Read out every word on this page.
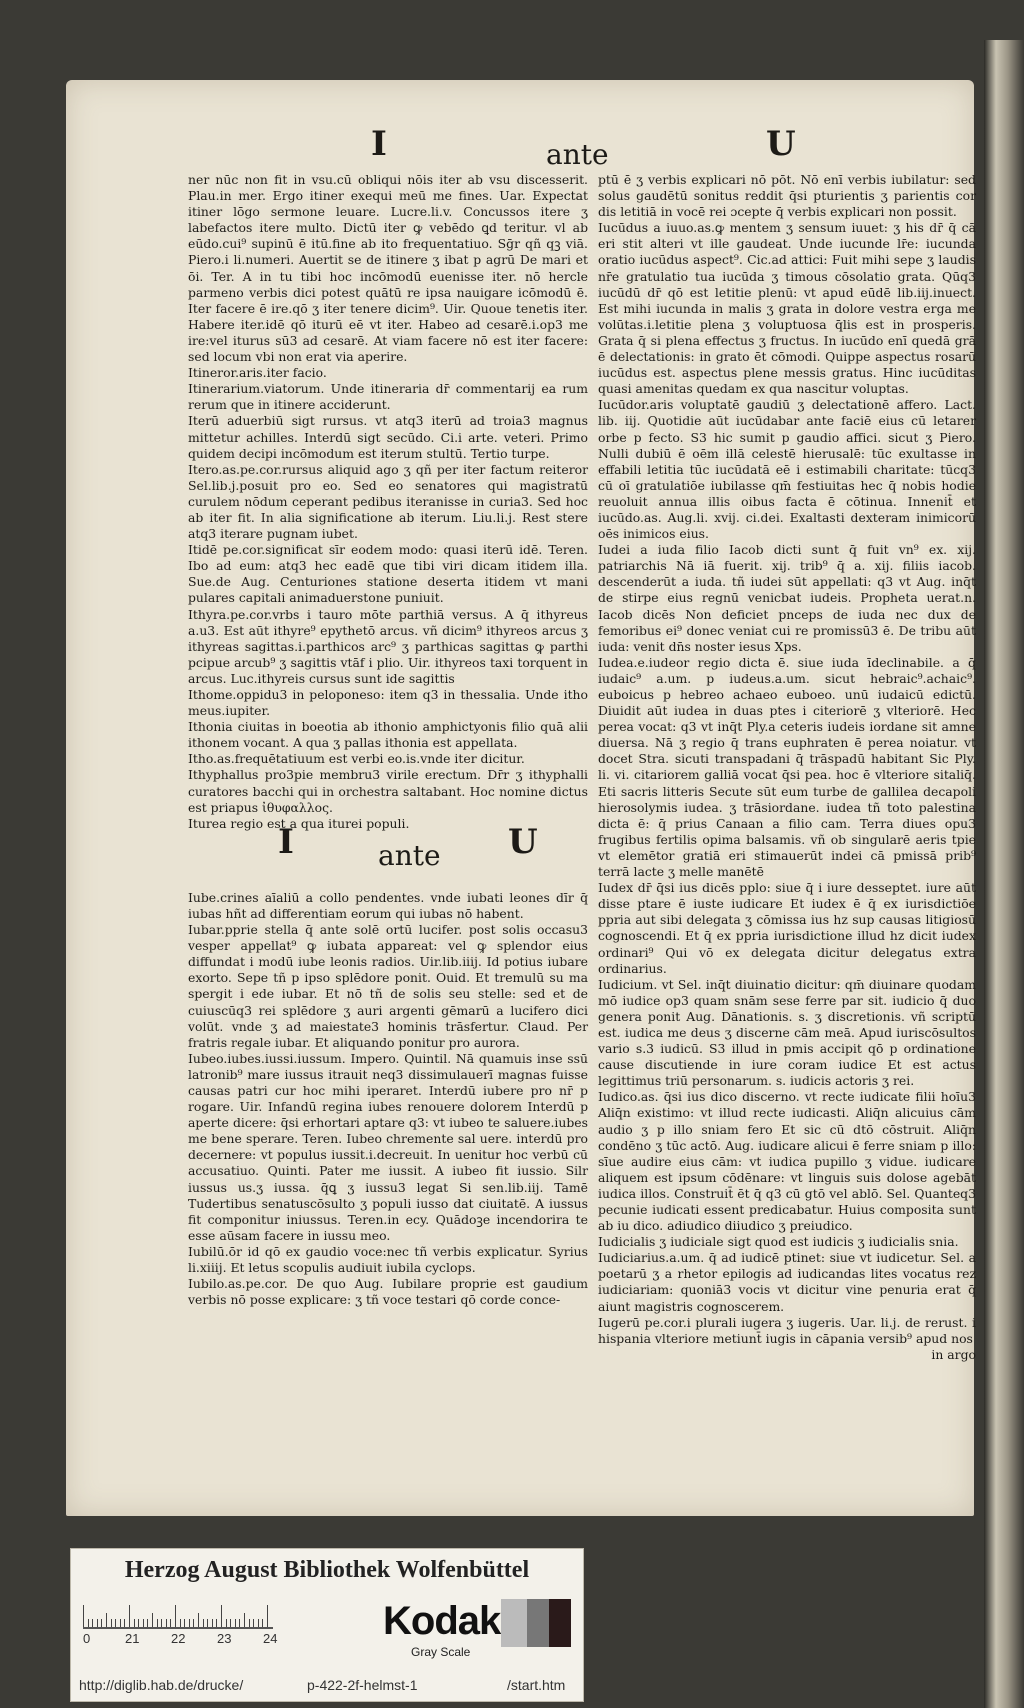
I	ante	U

ner nūc non fit in vsu.cū obliqui nōis iter ab vsu discesserit. Plau.in mer. Ergo itiner exequi meū me fines. Uar. Expectat itiner lōgo sermone leuare. Lucre.li.v. Concussos itere ʒ labefactos itere multo. Dictū iter ꝙ vebēdo ꝗd teritur. vl ab eūdo.cui⁹ supinū ē itū.fine ab ito frequentatiuo. Sḡr qñ qꝫ viā. Piero.i li.numeri. Auertit se de itinere ʒ ibat p agrū De mari et ōi. Ter. A in tu tibi hoc incōmodū euenisse iter. nō hercle parmeno verbis dici potest quātū re ipsa nauigare icōmodū ē. Iter facere ē ire.qō ʒ iter tenere dicim⁹. Uir. Quoue tenetis iter. Habere iter.idē qō iturū eē vt iter. Habeo ad cesarē.i.op3 me ire:vel iturus sū3 ad cesarē. At viam facere nō est iter facere: sed locum vbi non erat via aperire.

Itineror.aris.iter facio.

Itinerarium.viatorum. Unde itineraria dr̄ commentarij ea rum rerum que in itinere acciderunt.

Iterū aduerbiū sigt rursus. vt atq3 iterū ad troia3 magnus mittetur achilles. Interdū sigt secūdo. Ci.i arte. veteri. Primo quidem decipi incōmodum est iterum stultū. Tertio turpe.

Itero.as.pe.cor.rursus aliquid ago ʒ qñ per iter factum reiteror Sel.lib.j.posuit pro eo. Sed eo senatores qui magistratū curulem nōdum ceperant pedibus iteranisse in curia3. Sed hoc ab iter fit. In alia significatione ab iterum. Liu.li.j. Rest stere atq3 iterare pugnam iubet.

Itidē pe.cor.significat sīr eodem modo: quasi iterū idē. Teren. Ibo ad eum: atq3 hec eadē que tibi viri dicam itidem illa. Sue.de Aug. Centuriones statione deserta itidem vt mani pulares capitali animaduerstone puniuit.

Ithyra.pe.cor.vrbs i tauro mōte parthiā versus. A q̄ ithyreus a.u3. Est aūt ithyre⁹ epythetō arcus. vñ dicim⁹ ithyreos arcus ʒ ithyreas sagittas.i.parthicos arc⁹ ʒ parthicas sagittas ꝙ parthi pcipue arcub⁹ ʒ sagittis vtāf i plio. Uir. ithyreos taxi torquent in arcus. Luc.ithyreis cursus sunt ide sagittis

Ithome.oppidu3 in peloponeso: item q3 in thessalia. Unde itho meus.iupiter.

Ithonia ciuitas in boeotia ab ithonio amphictyonis filio quā alii ithonem vocant. A qua ʒ pallas ithonia est appellata.

Itho.as.frequētatiuum est verbi eo.is.vnde iter dicitur.

Ithyphallus pro3pie membru3 virile erectum. Dr̄r ʒ ithyphalli curatores bacchi qui in orchestra saltabant. Hoc nomine dictus est priapus ἰθυφαλλος.

Iturea regio est a qua iturei populi.

I	ante U

Iube.crines aīaliū a collo pendentes. vnde iubati leones dīr q̄ iubas hñt ad differentiam eorum qui iubas nō habent.

Iubar.pprie stella q̄ ante solē ortū lucifer. post solis occasu3 vesper appellat⁹ ꝙ iubata appareat: vel ꝙ splendor eius diffundat i modū iube leonis radios. Uir.lib.iiij. Id potius iubare exorto. Sepe tñ p ipso splēdore ponit. Ouid. Et tremulū su ma spergit i ede iubar. Et nō tñ de solis seu stelle: sed et de cuiuscūq3 rei splēdore ʒ auri argenti gēmarū a lucifero dici volūt. vnde ʒ ad maiestate3 hominis trāsfertur. Claud. Per fratris regale iubar. Et aliquando ponitur pro aurora.

Iubeo.iubes.iussi.iussum. Impero. Quintil. Nā quamuis inse ssū latronib⁹ mare iussus itrauit neq3 dissimulauerī magnas fuisse causas patri cur hoc mihi iperaret. Interdū iubere pro nr̄ p rogare. Uir. Infandū regina iubes renouere dolorem Interdū p aperte dicere: q̄si erhortari aptare q3: vt iubeo te saluere.iubes me bene sperare. Teren. Iubeo chremente sal uere. interdū pro decernere: vt populus iussit.i.decreuit. In uenitur hoc verbū cū accusatiuo. Quinti. Pater me iussit. A iubeo fit iussio. Silr iussus us.ʒ iussa. q̄ꝗ ʒ iussu3 legat Si sen.lib.iij. Tamē Tudertibus senatuscōsulto ʒ populi iusso dat ciuitatē. A iussus fit componitur iniussus. Teren.in ecy. Quādoꝫe incendorira te esse aūsam facere in iussu meo.

Iubilū.ōr id qō ex gaudio voce:nec tñ verbis explicatur. Syrius li.xiiij. Et letus scopulis audiuit iubila cyclops.

Iubilo.as.pe.cor. De quo Aug. Iubilare proprie est gaudium verbis nō posse explicare: ʒ tñ voce testari qō corde conce-

ptū ē ʒ verbis explicari nō pōt. Nō enī verbis iubilatur: sed solus gaudētū sonitus reddit q̄si pturientis ʒ parientis cor dis letitiā in vocē rei ɔcepte q̄ verbis explicari non possit.

Iucūdus a iuuo.as.ꝙ mentem ʒ sensum iuuet: ʒ his dr̄ q̄ cā eri stit alteri vt ille gaudeat. Unde iucunde lr̄e: iucunda oratio iucūdus aspect⁹. Cic.ad attici: Fuit mihi sepe ʒ laudis nr̄e gratulatio tua iucūda ʒ timous cōsolatio grata. Qūq3 iucūdū dr̄ qō est letitie plenū: vt apud eūdē lib.iij.inuect. Est mihi iucunda in malis ʒ grata in dolore vestra erga me volūtas.i.letitie plena ʒ voluptuosa q̄lis est in prosperis. Grata q̄ si plena effectus ʒ fructus. In iucūdo enī quedā grā ē delectationis: in grato ēt cōmodi. Quippe aspectus rosarū iucūdus est. aspectus plene messis gratus. Hinc iucūditas quasi amenitas quedam ex qua nascitur voluptas.

Iucūdor.aris voluptatē gaudiū ʒ delectationē affero. Lact. lib. iij. Quotidie aūt iucūdabar ante faciē eius cū letarer orbe p fecto. S3 hic sumit p gaudio affici. sicut ʒ Piero. Nulli dubiū ē oēm illā celestē hierusalē: tūc exultasse in effabili letitia tūc iucūdatā eē i estimabili charitate: tūcq3 cū oī gratulatiōe iubilasse qm̄ festiuitas hec q̄ nobis hodie reuoluit annua illis oibus facta ē cōtinua. Innenit̄ et iucūdo.as. Aug.li. xvij. ci.dei. Exaltasti dexteram inimicorū oēs inimicos eius.

Iudei a iuda filio Iacob dicti sunt q̄ fuit vn⁹ ex. xij. patriarchis Nā iā fuerit. xij. trib⁹ q̄ a. xij. filiis iacob. descenderūt a iuda. tñ iudei sūt appellati: q3 vt Aug. inq̄t de stirpe eius regnū venicbat iudeis. Propheta uerat.n. Iacob dicēs Non deficiet pnceps de iuda nec dux de femoribus ei⁹ donec veniat cui re promissū3 ē. De tribu aūt iuda: venit dn̄s noster iesus Xps.

Iudea.e.iudeor regio dicta ē. siue iuda īdeclinabile. a q̄ iudaic⁹ a.um. p iudeus.a.um. sicut hebraic⁹.achaic⁹. euboicus p hebreo achaeo euboeo. unū iudaicū edictū. Diuidit aūt iudea in duas ptes i citeriorē ʒ vlteriorē. Hec perea vocat: q3 vt inq̄t Ply.a ceteris iudeis iordane sit amne diuersa. Nā ʒ regio q̄ trans euphraten ē perea noiatur. vt docet Stra. sicuti transpadani q̄ trāspadū habitant Sic Ply. li. vi. citariorem galliā vocat q̄si pea. hoc ē vlteriore sitaliq̄. Eti sacris litteris Secute sūt eum turbe de gallilea decapoli hierosolymis iudea. ʒ trāsiordane. iudea tñ toto palestina dicta ē: q̄ prius Canaan a filio cam. Terra diues opu3 frugibus fertilis opima balsamis. vñ ob singularē aeris tpie vt elemētor gratiā eri stimauerūt indei cā pmissā prib⁹ terrā lacte ʒ melle manētē

Iudex dr̄ q̄si ius dicēs pplo: siue q̄ i iure desseptet. iure aūt disse ptare ē iuste iudicare Et iudex ē q̄ ex iurisdictiōe ppria aut sibi delegata ʒ cōmissa ius hz sup causas litigiosū cognoscendi. Et q̄ ex ppria iurisdictione illud hz dicit iudex ordinari⁹ Qui vō ex delegata dicitur delegatus extra ordinarius.

Iudicium. vt Sel. inq̄t diuinatio dicitur: qm̄ diuinare quodam mō iudice op3 quam snām sese ferre par sit. iudicio q̄ duo genera ponit Aug. Dānationis. s. ʒ discretionis. vñ scriptū est. iudica me deus ʒ discerne cām meā. Apud iuriscōsultos vario s.3 iudicū. S3 illud in pmis accipit qō p ordinatione cause discutiende in iure coram iudice Et est actus legittimus triū personarum. s. iudicis actoris ʒ rei.

Iudico.as. q̄si ius dico discerno. vt recte iudicate filii hoīu3 Aliq̄n existimo: vt illud recte iudicasti. Aliq̄n alicuius cām audio ʒ p illo sniam fero Et sic cū dtō cōstruit. Aliq̄n condēno ʒ tūc actō. Aug. iudicare alicui ē ferre sniam p illo: sīue audire eius cām: vt iudica pupillo ʒ vidue. iudicare aliquem est ipsum cōdēnare: vt linguis suis dolose agebāt iudica illos. Construit̄ ēt q̄ q3 cū gtō vel ablō. Sel. Quanteq3 pecunie iudicati essent predicabatur. Huius composita sunt ab iu dico. adiudico diiudico ʒ preiudico.

Iudicialis ʒ iudiciale sigt quod est iudicis ʒ iudicialis snia.

Iudiciarius.a.um. q̄ ad iudicē ptinet: siue vt iudicetur. Sel. a poetarū ʒ a rhetor epilogis ad iudicandas lites vocatus rez iudiciariam: quoniā3 vocis vt dicitur vine penuria erat q̄ aiunt magistris cognoscerem.

Iugerū pe.cor.i plurali iugera ʒ iugeris. Uar. li.j. de rerust. i hispania vlteriore metiunt̄ iugis in cāpania versib⁹ apud nos

in argo

Herzog August Bibliothek Wolfenbüttel
0	21 22 23 24	Kodak
Gray Scale
http://diglib.hab.de/drucke/	p-422-2f-helmst-1	/start.htm
